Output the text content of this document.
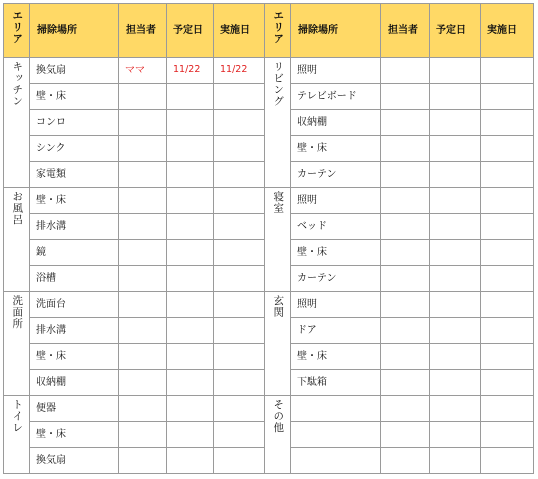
エリア	掃除場所	担当者	予定日	実施日	エリア	掃除場所	担当者	予定日	実施日
キッチン	換気扇	ママ	11/22	11/22	リビング	照明			
	壁・床					テレビボード			
	コンロ					収納棚			
	シンク					壁・床			
	家電類					カーテン			
お風呂	壁・床				寝室	照明			
	排水溝					ベッド			
	鏡					壁・床			
	浴槽					カーテン			
洗面所	洗面台				玄関	照明			
	排水溝					ドア			
	壁・床					壁・床			
	収納棚					下駄箱			
トイレ	便器				その他				
	壁・床								
	換気扇								
